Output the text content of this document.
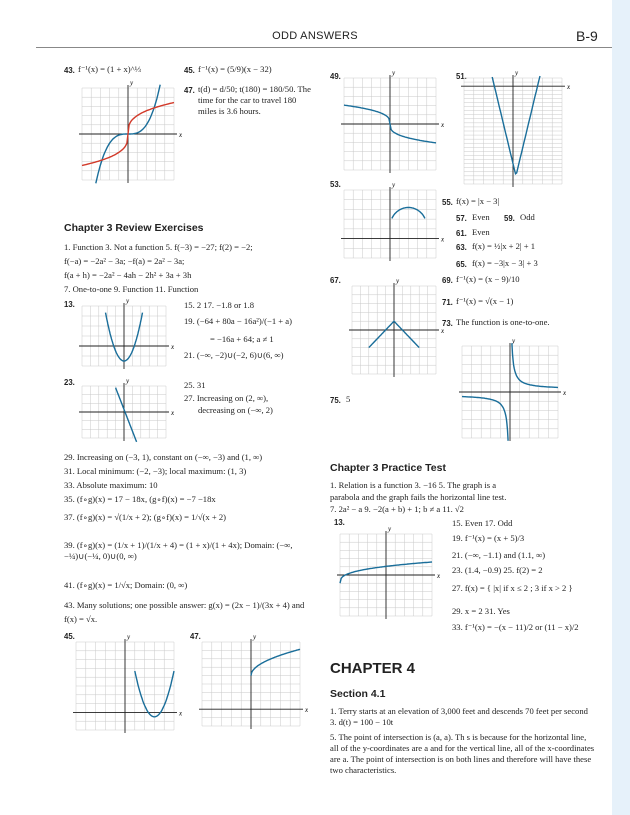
ODD ANSWERS	B-9
43. f⁻¹(x) = (1 + x)^⅓	45. f⁻¹(x) = (5/9)(x − 32)
47. t(d) = d/50; t(180) = 180/50. The time for the car to travel 180 miles is 3.6 hours.
x
y
Chapter 3 Review Exercises
1. Function 3. Not a function 5. f(−3) = −27; f(2) = −2;
f(−a) = −2a² − 3a; −f(a) = 2a² − 3a;
f(a + h) = −2a² − 4ah − 2h² + 3a + 3h
7. One-to-one 9. Function 11. Function
13.
x
y	15. 2 17. −1.8 or 1.8
19. (−64 + 80a − 16a²)/(−1 + a)
= −16a + 64; a ≠ 1
21. (−∞, −2)∪(−2, 6)∪(6, ∞)
23.
x
y	25. 31
27. Increasing on (2, ∞),
decreasing on (−∞, 2)
29. Increasing on (−3, 1), constant on (−∞, −3) and (1, ∞)
31. Local minimum: (−2, −3); local maximum: (1, 3)
33. Absolute maximum: 10
35. (f∘g)(x) = 17 − 18x, (g∘f)(x) = −7 −18x
37. (f∘g)(x) = √(1/x + 2); (g∘f)(x) = 1/√(x + 2)
39. (f∘g)(x) = (1/x + 1)/(1/x + 4) = (1 + x)/(1 + 4x); Domain: (−∞, −¼)∪(−¼, 0)∪(0, ∞)
41. (f∘g)(x) = 1/√x; Domain: (0, ∞)
43. Many solutions; one possible answer: g(x) = (2x − 1)/(3x + 4) and
f(x) = √x.
45.
x
y	47.
x
y
49.
x
y	51.
x
y
53.
x
y
f(x) = |x − 3|
55.
57. Even 59. Odd
61. Even
63. f(x) = ½|x + 2| + 1
65. f(x) = −3|x − 3| + 3
67.
x
y	69. f⁻¹(x) = (x − 9)/10
71. f⁻¹(x) = √(x − 1)
73. The function is one-to-one.
x
y
75. 5
Chapter 3 Practice Test
1. Relation is a function 3. −16 5. The graph is a
parabola and the graph fails the horizontal line test.
7. 2a² − a 9. −2(a + b) + 1; b ≠ a 11. √2
13.
x
y
15. Even 17. Odd
19. f⁻¹(x) = (x + 5)/3
21. (−∞, −1.1) and (1.1, ∞)
23. (1.4, −0.9) 25. f(2) = 2
27. f(x) = { |x| if x ≤ 2 ; 3 if x > 2 }
29. x = 2 31. Yes
33. f⁻¹(x) = −(x − 11)/2 or (11 − x)/2
CHAPTER 4
Section 4.1
1. Terry starts at an elevation of 3,000 feet and descends 70 feet per second 3. d(t) = 100 − 10t
5. The point of intersection is (a, a). Th s is because for the horizontal line, all of the y-coordinates are a and for the vertical line, all of the x-coordinates are a. The point of intersection is on both lines and therefore will have these two characteristics.
